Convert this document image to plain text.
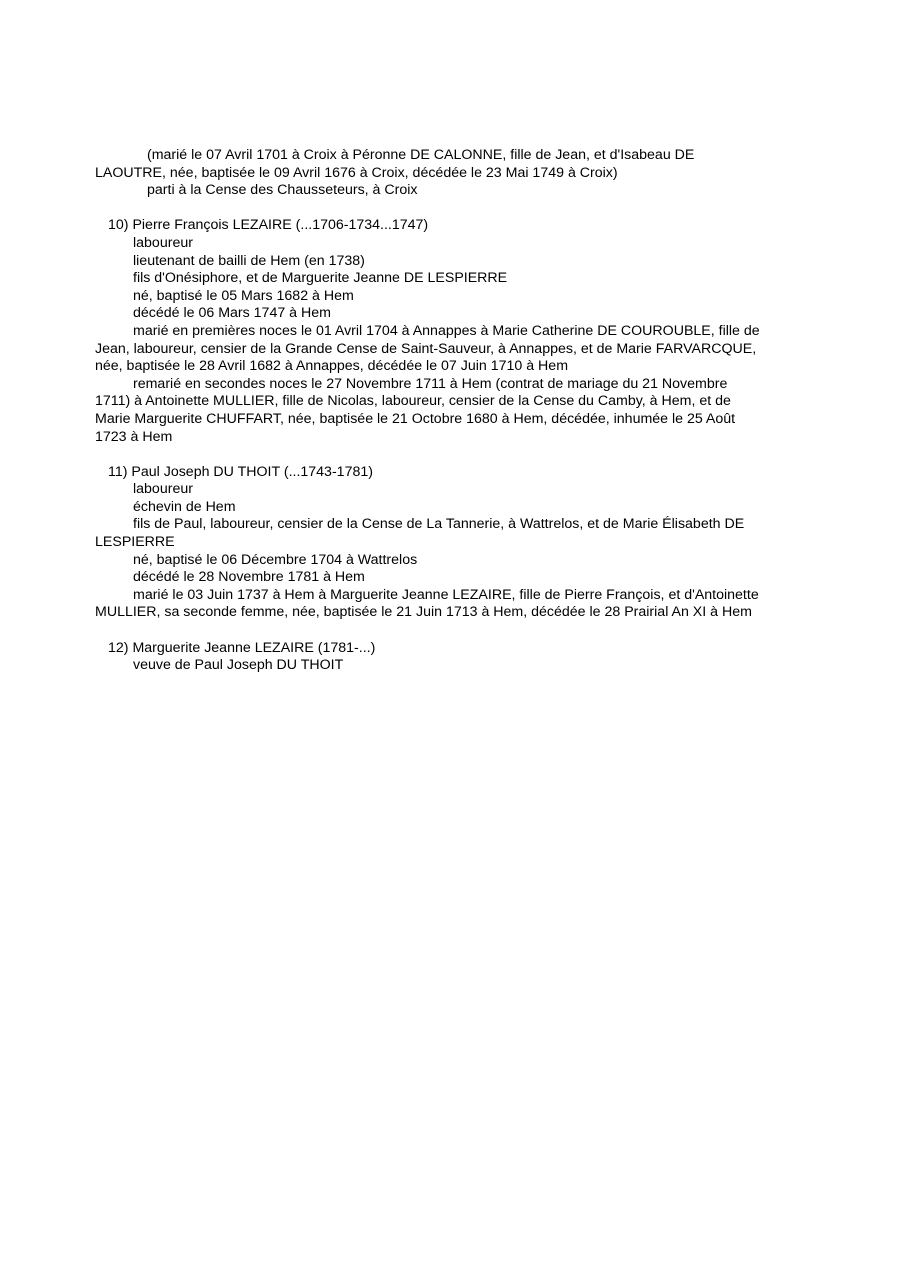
(marié le 07 Avril 1701 à Croix à Péronne DE CALONNE, fille de Jean, et d'Isabeau DE
LAOUTRE, née, baptisée le 09 Avril 1676 à Croix, décédée le 23 Mai 1749 à Croix)
parti à la Cense des Chausseteurs, à Croix
10) Pierre François LEZAIRE (...1706-1734...1747)
laboureur
lieutenant de bailli de Hem (en 1738)
fils d'Onésiphore, et de Marguerite Jeanne DE LESPIERRE
né, baptisé le 05 Mars 1682 à Hem
décédé le 06 Mars 1747 à Hem
marié en premières noces le 01 Avril 1704 à Annappes à Marie Catherine DE COUROUBLE, fille de
Jean, laboureur, censier de la Grande Cense de Saint-Sauveur, à Annappes, et de Marie FARVARCQUE,
née, baptisée le 28 Avril 1682 à Annappes, décédée le 07 Juin 1710 à Hem
remarié en secondes noces le 27 Novembre 1711 à Hem (contrat de mariage du 21 Novembre
1711) à Antoinette MULLIER, fille de Nicolas, laboureur, censier de la Cense du Camby, à Hem, et de
Marie Marguerite CHUFFART, née, baptisée le 21 Octobre 1680 à Hem, décédée, inhumée le 25 Août
1723 à Hem
11) Paul Joseph DU THOIT (...1743-1781)
laboureur
échevin de Hem
fils de Paul, laboureur, censier de la Cense de La Tannerie, à Wattrelos, et de Marie Élisabeth DE
LESPIERRE
né, baptisé le 06 Décembre 1704 à Wattrelos
décédé le 28 Novembre 1781 à Hem
marié le 03 Juin 1737 à Hem à Marguerite Jeanne LEZAIRE, fille de Pierre François, et d'Antoinette
MULLIER, sa seconde femme, née, baptisée le 21 Juin 1713 à Hem, décédée le 28 Prairial An XI à Hem
12) Marguerite Jeanne LEZAIRE (1781-...)
veuve de Paul Joseph DU THOIT
